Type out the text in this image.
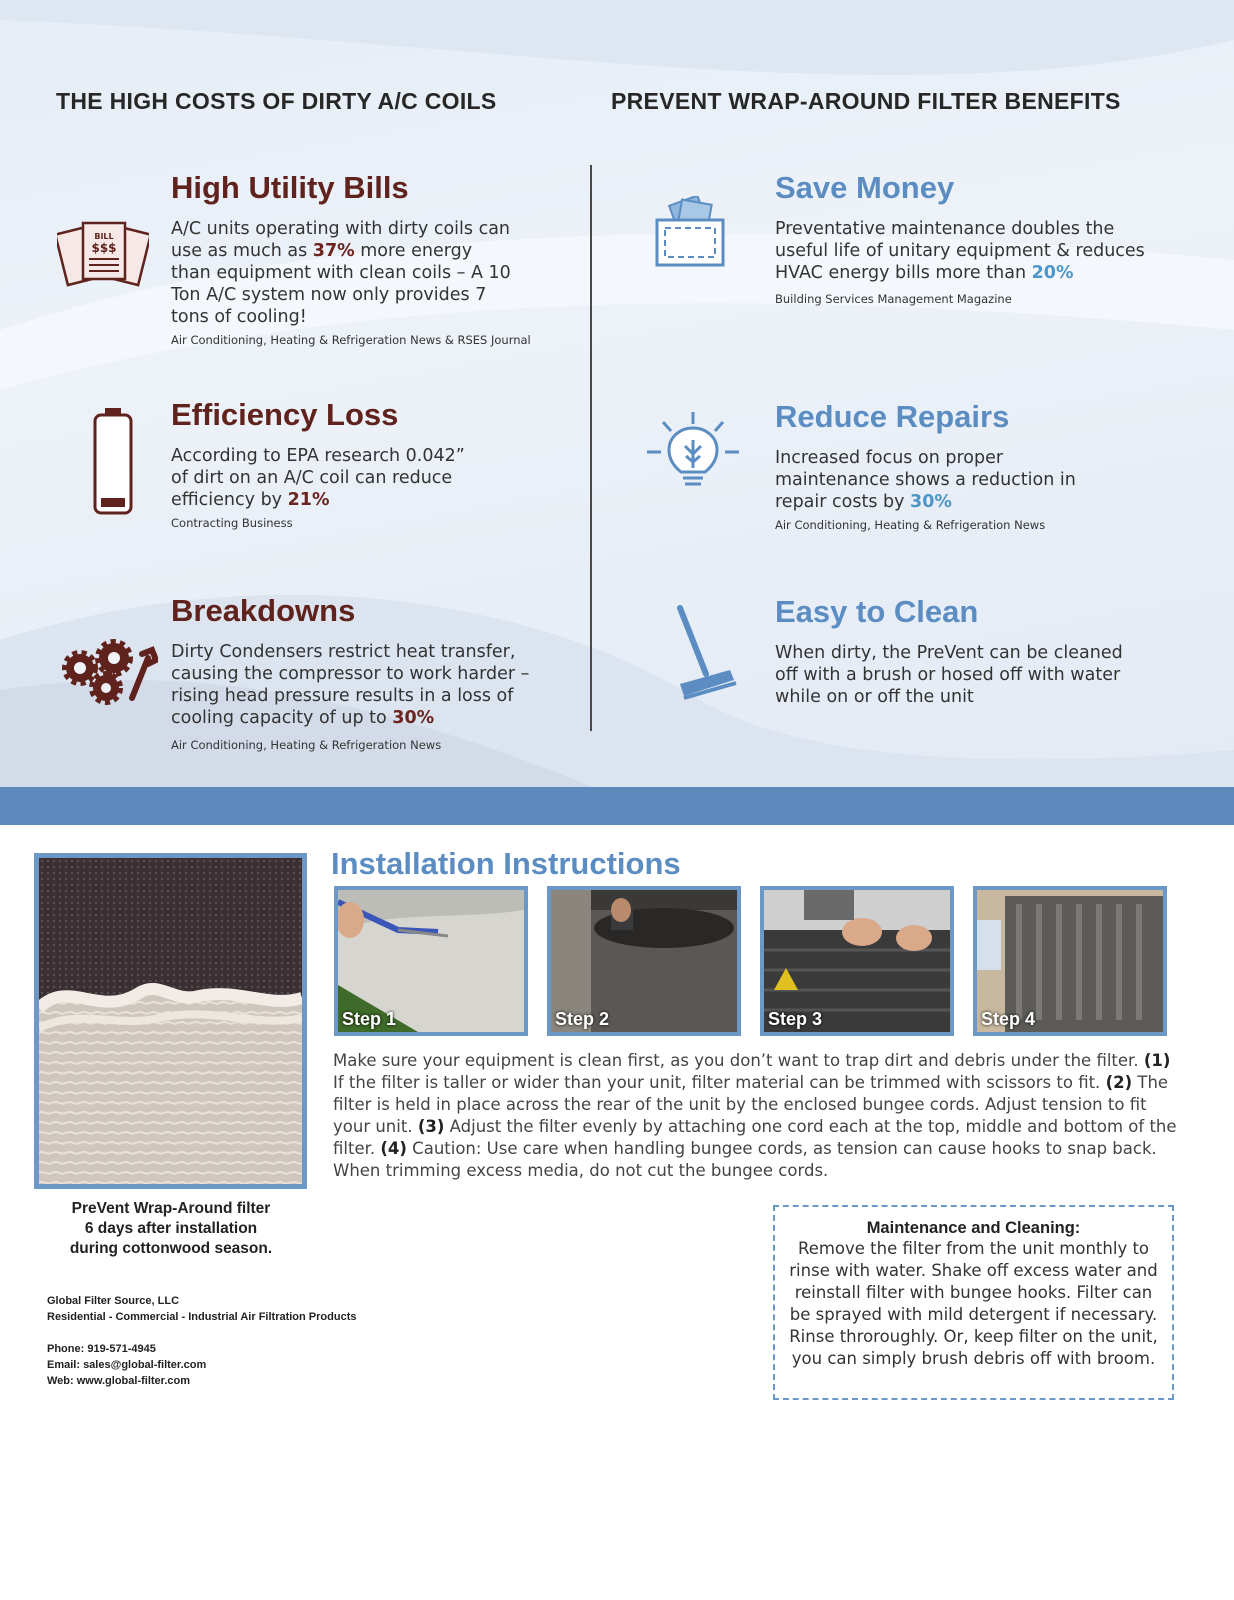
THE HIGH COSTS OF DIRTY A/C COILS	PREVENT WRAP-AROUND FILTER BENEFITS
BILL
$$$
High Utility Bills

A/C units operating with dirty coils can use as much as 37% more energy than equipment with clean coils – A 10 Ton A/C system now only provides 7 tons of cooling!

Air Conditioning, Heating & Refrigeration News & RSES Journal
Efficiency Loss

According to EPA research 0.042” of dirt on an A/C coil can reduce efficiency by 21%

Contracting Business
Breakdowns

Dirty Condensers restrict heat transfer, causing the compressor to work harder – rising head pressure results in a loss of cooling capacity of up to 30%

Air Conditioning, Heating & Refrigeration News
Save Money

Preventative maintenance doubles the useful life of unitary equipment & reduces HVAC energy bills more than 20%

Building Services Management Magazine
Reduce Repairs

Increased focus on proper maintenance shows a reduction in repair costs by 30%

Air Conditioning, Heating & Refrigeration News
Easy to Clean

When dirty, the PreVent can be cleaned off with a brush or hosed off with water while on or off the unit

PreVent Wrap-Around filter
6 days after installation
during cottonwood season.

Installation Instructions
Step 1	Step 2	Step 3	Step 4

Make sure your equipment is clean first, as you don’t want to trap dirt and debris under the filter. (1) If the filter is taller or wider than your unit, filter material can be trimmed with scissors to fit. (2) The filter is held in place across the rear of the unit by the enclosed bungee cords. Adjust tension to fit your unit. (3) Adjust the filter evenly by attaching one cord each at the top, middle and bottom of the filter. (4) Caution: Use care when handling bungee cords, as tension can cause hooks to snap back. When trimming excess media, do not cut the bungee cords.

Maintenance and Cleaning:

Remove the filter from the unit monthly to rinse with water. Shake off excess water and reinstall filter with bungee hooks. Filter can be sprayed with mild detergent if necessary. Rinse throroughly. Or, keep filter on the unit, you can simply brush debris off with broom.

Global Filter Source, LLC
Residential - Commercial - Industrial Air Filtration Products
Phone: 919-571-4945
Email: sales@global-filter.com
Web: www.global-filter.com
